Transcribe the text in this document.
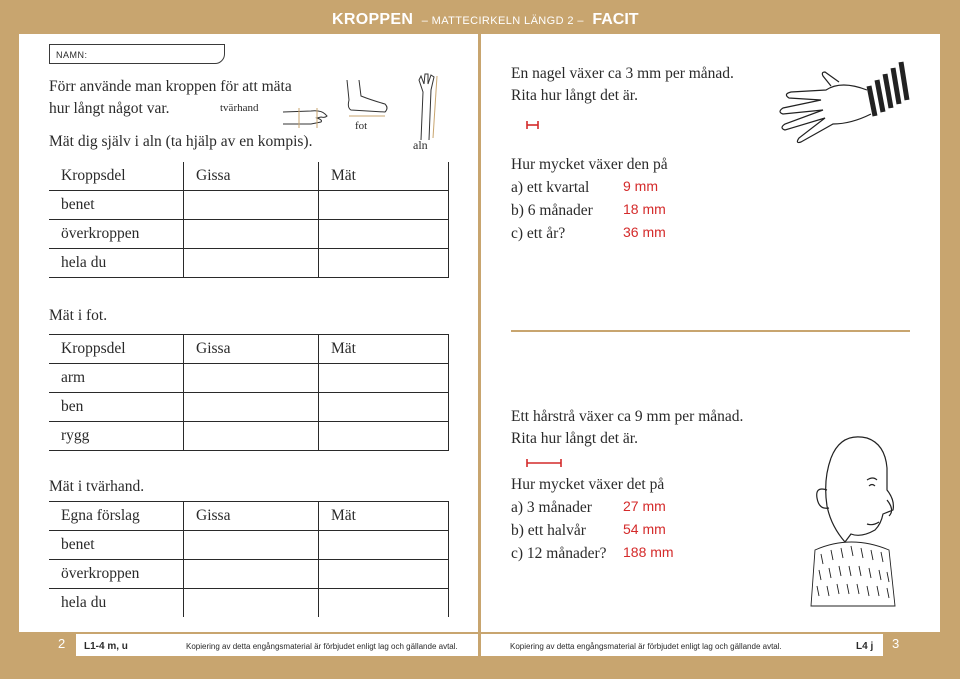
KROPPEN – MATTECIRKELN LÄNGD 2 – FACIT
NAMN:
Förr använde man kroppen för att mäta
hur långt något var.
Mät dig själv i aln (ta hjälp av en kompis).
tvärhand
fot
aln
Kroppsdel	Gissa	Mät
benet		
överkroppen		
hela du		
Mät i fot.
Kroppsdel	Gissa	Mät
arm		
ben		
rygg		
Mät i tvärhand.
Egna förslag	Gissa	Mät
benet		
överkroppen		
hela du		
En nagel växer ca 3 mm per månad.
Rita hur långt det är.
Hur mycket växer den på
a) ett kvartal 9 mm
b) 6 månader 18 mm
c) ett år?	36 mm
Ett hårstrå växer ca 9 mm per månad.
Rita hur långt det är.
Hur mycket växer det på
a) 3 månader 27 mm
b) ett halvår	54 mm
c) 12 månader? 188 mm
2 L1-4 m, u	Kopiering av detta engångsmaterial är förbjudet enligt lag och gällande avtal.	Kopiering av detta engångsmaterial är förbjudet enligt lag och gällande avtal.	L4 j 3
